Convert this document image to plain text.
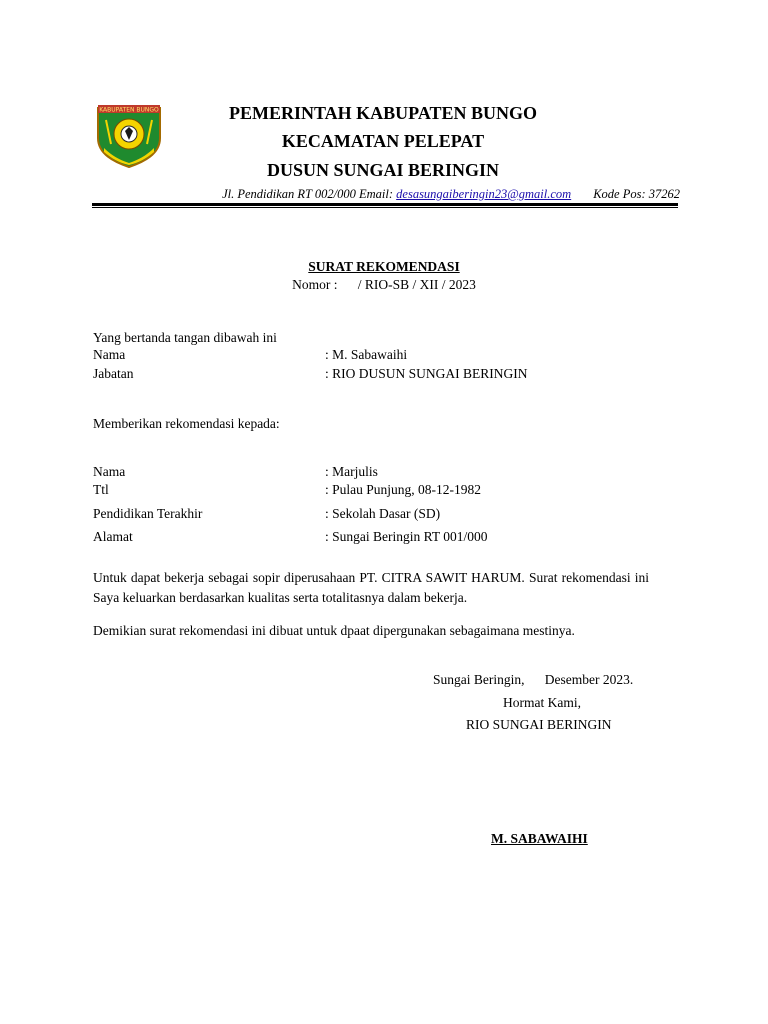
KABUPATEN BUNGO	PEMERINTAH KABUPATEN BUNGO
KECAMATAN PELEPAT
DUSUN SUNGAI BERINGIN
Jl. Pendidikan RT 002/000 Email: desasungaiberingin23@gmail.com Kode Pos: 37262
SURAT REKOMENDASI
Nomor :      / RIO-SB / XII / 2023
Yang bertanda tangan dibawah ini
Nama	: M. Sabawaihi
Jabatan	: RIO DUSUN SUNGAI BERINGIN
Memberikan rekomendasi kepada:
Nama	: Marjulis
Ttl	: Pulau Punjung, 08-12-1982
Pendidikan Terakhir	: Sekolah Dasar (SD)
Alamat	: Sungai Beringin RT 001/000
Untuk dapat bekerja sebagai sopir diperusahaan PT. CITRA SAWIT HARUM. Surat rekomendasi ini Saya keluarkan berdasarkan kualitas serta totalitasnya dalam bekerja.
Demikian surat rekomendasi ini dibuat untuk dpaat dipergunakan sebagaimana mestinya.
Sungai Beringin,      Desember 2023.
Hormat Kami,
RIO SUNGAI BERINGIN
M. SABAWAIHI
